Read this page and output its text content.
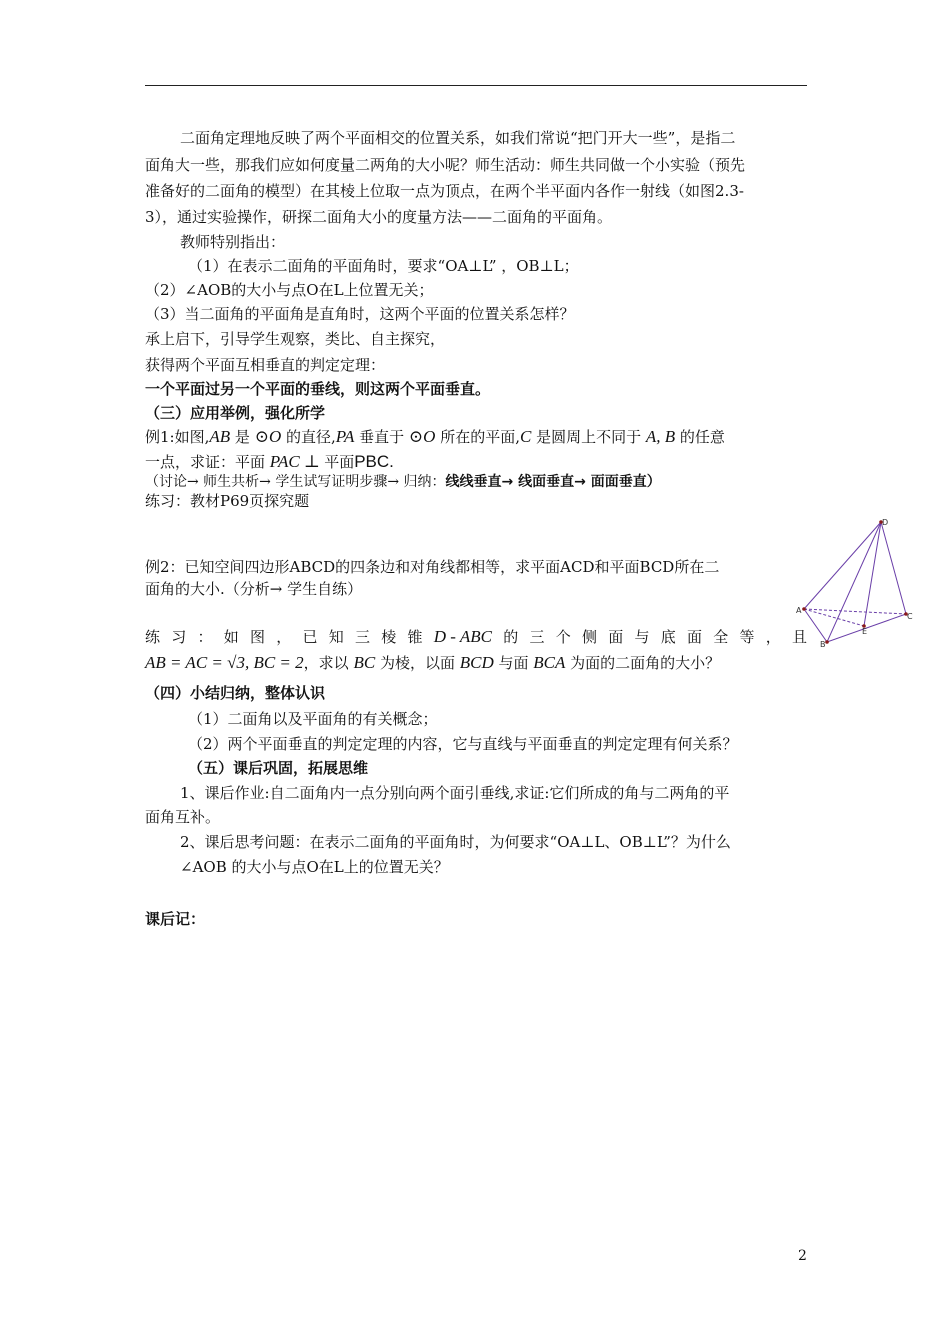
二面角定理地反映了两个平面相交的位置关系，如我们常说“把门开大一些”，是指二
面角大一些，那我们应如何度量二两角的大小呢？师生活动：师生共同做一个小实验（预先
准备好的二面角的模型）在其棱上位取一点为顶点，在两个半平面内各作一射线（如图2.3-
3），通过实验操作，研探二面角大小的度量方法——二面角的平面角。
教师特别指出：
（1）在表示二面角的平面角时，要求“OA⊥L” ，OB⊥L；
（2）∠AOB的大小与点O在L上位置无关；
（3）当二面角的平面角是直角时，这两个平面的位置关系怎样？
承上启下，引导学生观察，类比、自主探究，
获得两个平面互相垂直的判定定理：
一个平面过另一个平面的垂线，则这两个平面垂直。
（三）应用举例，强化所学
例1:如图,AB 是 ⊙O 的直径,PA 垂直于 ⊙O 所在的平面,C 是圆周上不同于 A, B 的任意
一点，求证：平面 PAC ⊥ 平面PBC.
（讨论→ 师生共析→ 学生试写证明步骤→ 归纳：线线垂直→ 线面垂直→ 面面垂直）
练习：教材P69页探究题
例2：已知空间四边形ABCD的四条边和对角线都相等，求平面ACD和平面BCD所在二
面角的大小.（分析→ 学生自练）
D
A
B
C
E
练 习 ： 如 图 ， 已 知 三 棱 锥 D - ABC 的 三 个 侧 面 与 底 面 全 等 ， 且
AB = AC = √3, BC = 2，求以 BC 为棱，以面 BCD 与面 BCA 为面的二面角的大小？
（四）小结归纳，整体认识
（1）二面角以及平面角的有关概念；
（2）两个平面垂直的判定定理的内容，它与直线与平面垂直的判定定理有何关系？
（五）课后巩固，拓展思维
1、课后作业:自二面角内一点分别向两个面引垂线,求证:它们所成的角与二两角的平
面角互补。
2、课后思考问题：在表示二面角的平面角时，为何要求“OA⊥L、OB⊥L”？为什么
∠AOB 的大小与点O在L上的位置无关？
课后记：
2
